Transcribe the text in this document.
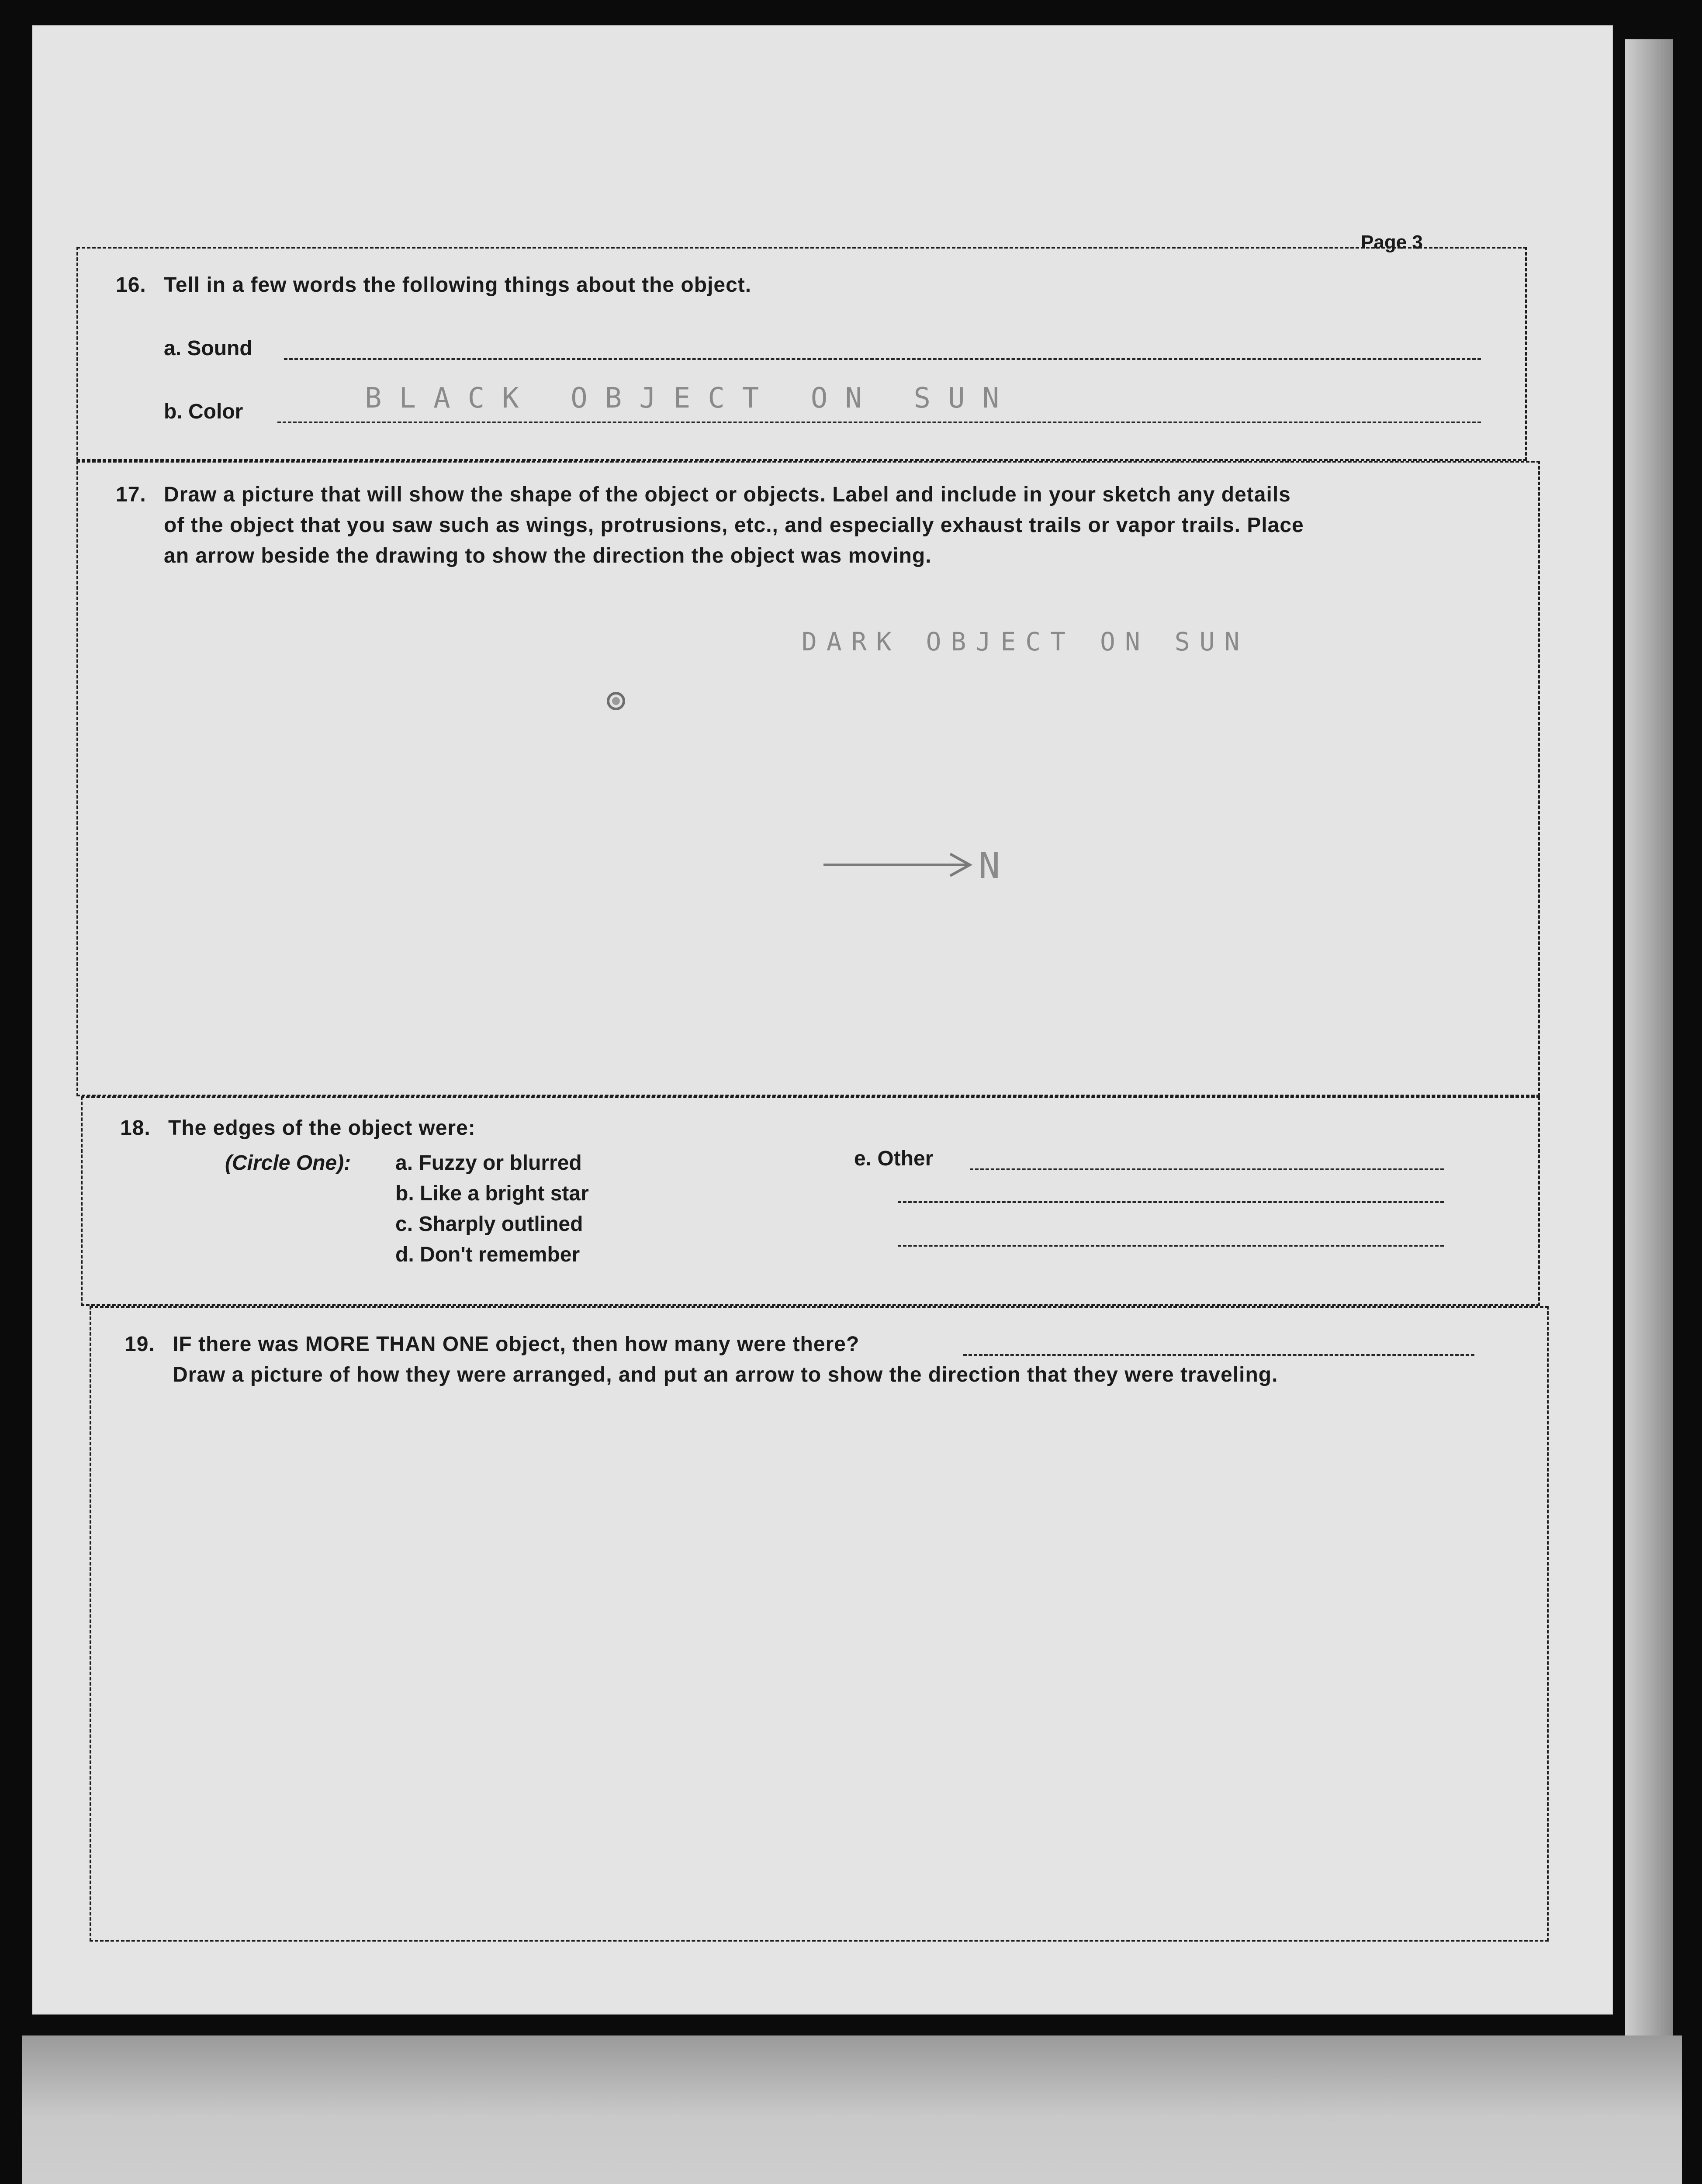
Page 3
16. Tell in a few words the following things about the object.
a. Sound
b. Color	BLACK OBJECT ON SUN
17. Draw a picture that will show the shape of the object or objects. Label and include in your sketch any details
of the object that you saw such as wings, protrusions, etc., and especially exhaust trails or vapor trails. Place
an arrow beside the drawing to show the direction the object was moving.
DARK OBJECT ON SUN
N
18. The edges of the object were:
(Circle One): a. Fuzzy or blurred
b. Like a bright star
c. Sharply outlined
d. Don't remember
e. Other
19. IF there was MORE THAN ONE object, then how many were there?
Draw a picture of how they were arranged, and put an arrow to show the direction that they were traveling.
